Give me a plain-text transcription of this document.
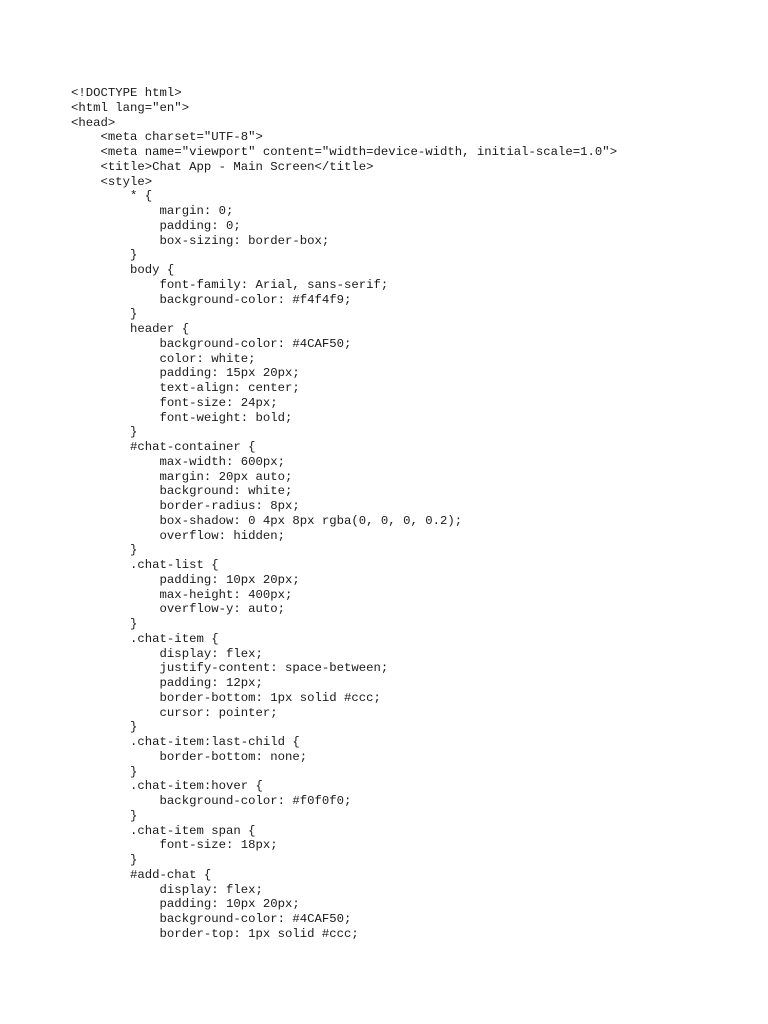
<!DOCTYPE html>
<html lang="en">
<head>
<meta charset="UTF-8">
<meta name="viewport" content="width=device-width, initial-scale=1.0">
<title>Chat App - Main Screen</title>
<style>
* {
margin: 0;
padding: 0;
box-sizing: border-box;
}
body {
font-family: Arial, sans-serif;
background-color: #f4f4f9;
}
header {
background-color: #4CAF50;
color: white;
padding: 15px 20px;
text-align: center;
font-size: 24px;
font-weight: bold;
}
#chat-container {
max-width: 600px;
margin: 20px auto;
background: white;
border-radius: 8px;
box-shadow: 0 4px 8px rgba(0, 0, 0, 0.2);
overflow: hidden;
}
.chat-list {
padding: 10px 20px;
max-height: 400px;
overflow-y: auto;
}
.chat-item {
display: flex;
justify-content: space-between;
padding: 12px;
border-bottom: 1px solid #ccc;
cursor: pointer;
}
.chat-item:last-child {
border-bottom: none;
}
.chat-item:hover {
background-color: #f0f0f0;
}
.chat-item span {
font-size: 18px;
}
#add-chat {
display: flex;
padding: 10px 20px;
background-color: #4CAF50;
border-top: 1px solid #ccc;
